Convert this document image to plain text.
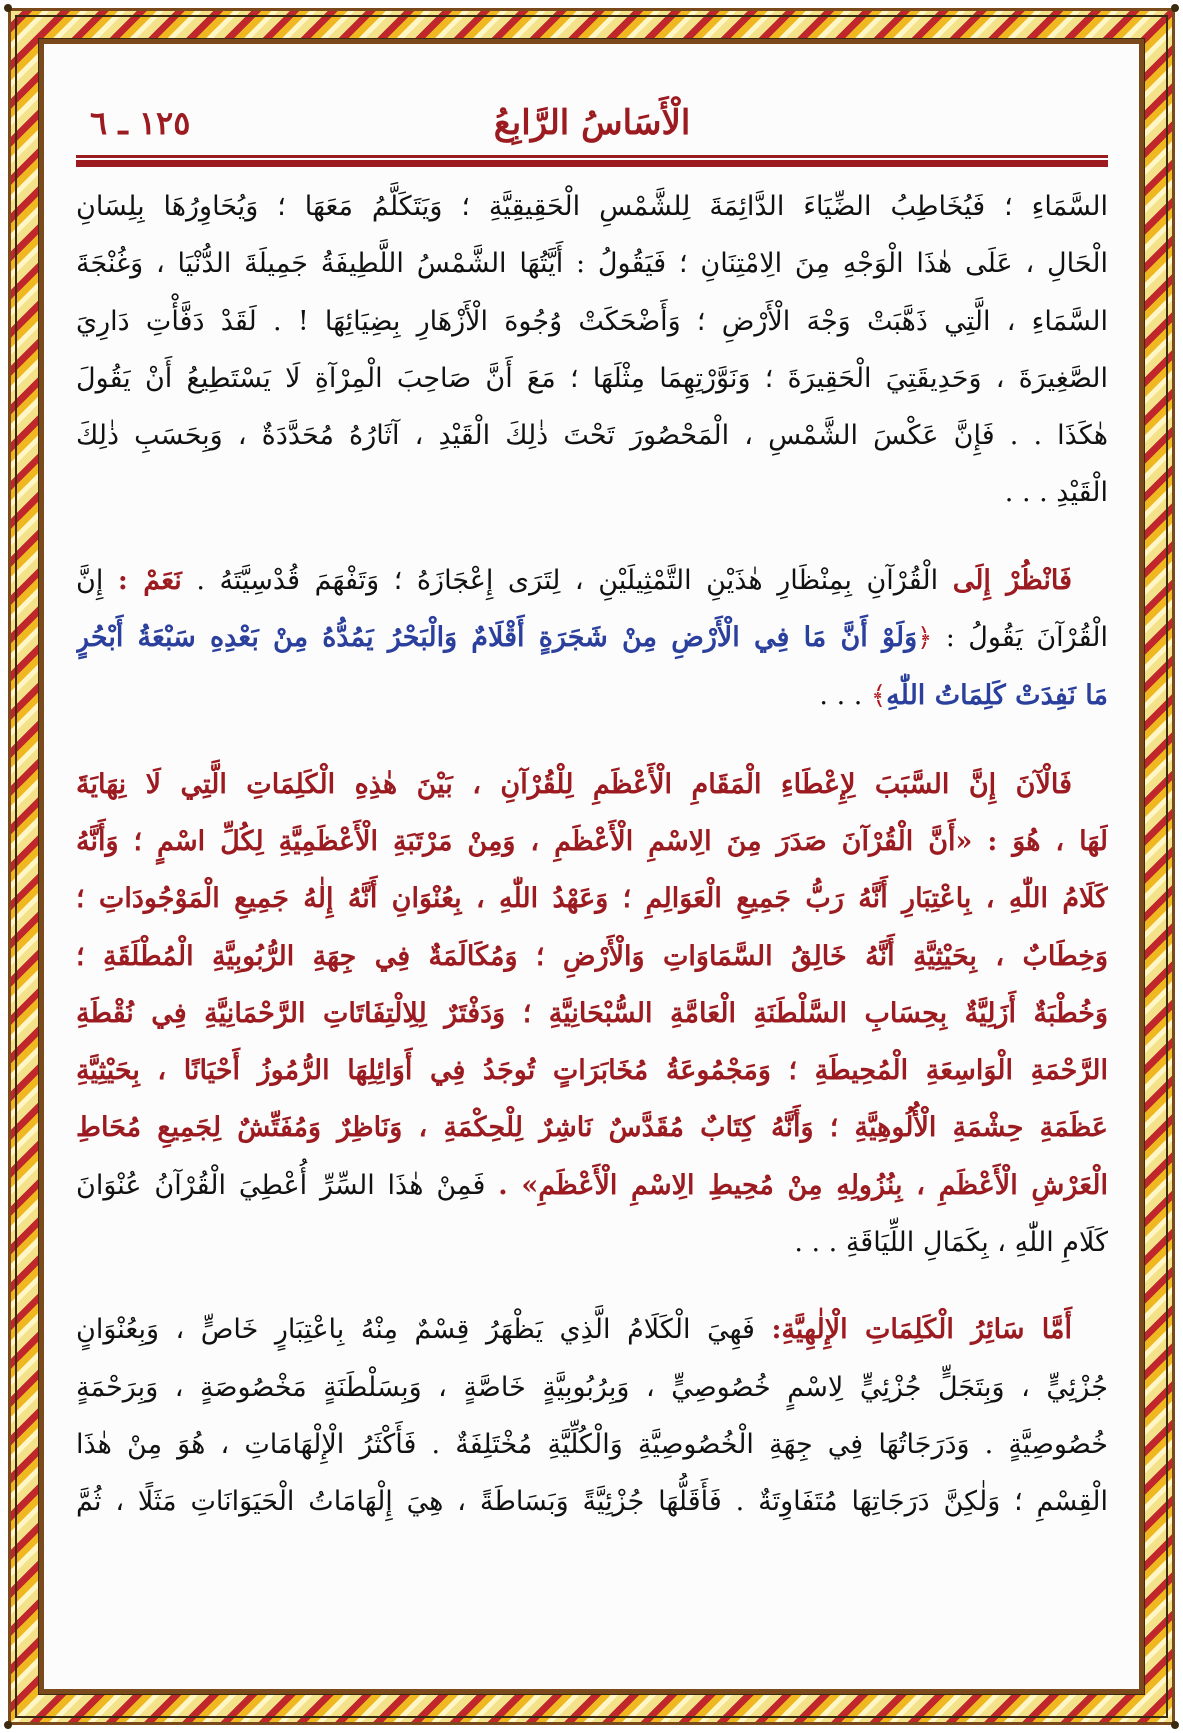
الْأَسَاسُ الرَّابِعُ
١٢٥ ـ ٦
السَّمَاءِ ؛ فَيُخَاطِبُ الضِّيَاءَ الدَّائِمَةَ لِلشَّمْسِ الْحَقِيقِيَّةِ ؛ وَيَتَكَلَّمُ مَعَهَا ؛ وَيُحَاوِرُهَا بِلِسَانِ
الْحَالِ ، عَلَى هٰذَا الْوَجْهِ مِنَ الِامْتِنَانِ ؛ فَيَقُولُ : أَيَّتُهَا الشَّمْسُ اللَّطِيفَةُ جَمِيلَةَ الدُّنْيَا ، وَغُنْجَةَ
السَّمَاءِ ، الَّتِي ذَهَّبَتْ وَجْهَ الْأَرْضِ ؛ وَأَضْحَكَتْ وُجُوهَ الْأَزْهَارِ بِضِيَائِهَا ! . لَقَدْ دَفَّأْتِ دَارِيَ
الصَّغِيرَةَ ، وَحَدِيقَتِيَ الْحَقِيرَةَ ؛ وَنَوَّرْتِهِمَا مِثْلَهَا ؛ مَعَ أَنَّ صَاحِبَ الْمِرْآةِ لَا يَسْتَطِيعُ أَنْ يَقُولَ
هٰكَذَا . . فَإِنَّ عَكْسَ الشَّمْسِ ، الْمَحْصُورَ تَحْتَ ذٰلِكَ الْقَيْدِ ، آثَارُهُ مُحَدَّدَةٌ ، وَبِحَسَبِ ذٰلِكَ
الْقَيْدِ . . .
فَانْظُرْ إِلَى الْقُرْآنِ بِمِنْظَارِ هٰذَيْنِ التَّمْثِيلَيْنِ ، لِتَرَى إِعْجَازَهُ ؛ وَتَفْهَمَ قُدْسِيَّتَهُ . نَعَمْ : إِنَّ
الْقُرْآنَ يَقُولُ : ﴿وَلَوْ أَنَّ مَا فِي الْأَرْضِ مِنْ شَجَرَةٍ أَقْلَامٌ وَالْبَحْرُ يَمُدُّهُ مِنْ بَعْدِهِ سَبْعَةُ أَبْحُرٍ
مَا نَفِدَتْ كَلِمَاتُ اللّٰهِ﴾ . . .
فَالْآنَ إِنَّ السَّبَبَ لِإِعْطَاءِ الْمَقَامِ الْأَعْظَمِ لِلْقُرْآنِ ، بَيْنَ هٰذِهِ الْكَلِمَاتِ الَّتِي لَا نِهَايَةَ
لَهَا ، هُوَ : «أَنَّ الْقُرْآنَ صَدَرَ مِنَ الِاسْمِ الْأَعْظَمِ ، وَمِنْ مَرْتَبَةِ الْأَعْظَمِيَّةِ لِكُلِّ اسْمٍ ؛ وَأَنَّهُ
كَلَامُ اللّٰهِ ، بِاعْتِبَارِ أَنَّهُ رَبُّ جَمِيعِ الْعَوَالِمِ ؛ وَعَهْدُ اللّٰهِ ، بِعُنْوَانِ أَنَّهُ إِلٰهُ جَمِيعِ الْمَوْجُودَاتِ ؛
وَخِطَابٌ ، بِحَيْثِيَّةِ أَنَّهُ خَالِقُ السَّمَاوَاتِ وَالْأَرْضِ ؛ وَمُكَالَمَةٌ فِي جِهَةِ الرُّبُوبِيَّةِ الْمُطْلَقَةِ ؛
وَخُطْبَةٌ أَزَلِيَّةٌ بِحِسَابِ السَّلْطَنَةِ الْعَامَّةِ السُّبْحَانِيَّةِ ؛ وَدَفْتَرٌ لِلِالْتِفَاتَاتِ الرَّحْمَانِيَّةِ فِي نُقْطَةِ
الرَّحْمَةِ الْوَاسِعَةِ الْمُحِيطَةِ ؛ وَمَجْمُوعَةُ مُخَابَرَاتٍ تُوجَدُ فِي أَوَائِلِهَا الرُّمُوزُ أَحْيَانًا ، بِحَيْثِيَّةِ
عَظَمَةِ حِشْمَةِ الْأُلُوهِيَّةِ ؛ وَأَنَّهُ كِتَابٌ مُقَدَّسٌ نَاشِرٌ لِلْحِكْمَةِ ، وَنَاظِرٌ وَمُفَتِّشٌ لِجَمِيعِ مُحَاطِ
الْعَرْشِ الْأَعْظَمِ ، بِنُزُولِهِ مِنْ مُحِيطِ الِاسْمِ الْأَعْظَمِ» . فَمِنْ هٰذَا السِّرِّ أُعْطِيَ الْقُرْآنُ عُنْوَانَ
كَلَامِ اللّٰهِ ، بِكَمَالِ اللِّيَاقَةِ . . .
أَمَّا سَائِرُ الْكَلِمَاتِ الْإِلٰهِيَّةِ: فَهِيَ الْكَلَامُ الَّذِي يَظْهَرُ قِسْمٌ مِنْهُ بِاعْتِبَارٍ خَاصٍّ ، وَبِعُنْوَانٍ
جُزْئِيٍّ ، وَبِتَجَلٍّ جُزْئِيٍّ لِاسْمٍ خُصُوصِيٍّ ، وَبِرُبُوبِيَّةٍ خَاصَّةٍ ، وَبِسَلْطَنَةٍ مَخْصُوصَةٍ ، وَبِرَحْمَةٍ
خُصُوصِيَّةٍ . وَدَرَجَاتُهَا فِي جِهَةِ الْخُصُوصِيَّةِ وَالْكُلِّيَّةِ مُخْتَلِفَةٌ . فَأَكْثَرُ الْإِلْهَامَاتِ ، هُوَ مِنْ هٰذَا
الْقِسْمِ ؛ وَلٰكِنَّ دَرَجَاتِهَا مُتَفَاوِتَةٌ . فَأَقَلُّهَا جُزْئِيَّةً وَبَسَاطَةً ، هِيَ إِلْهَامَاتُ الْحَيَوَانَاتِ مَثَلًا ، ثُمَّ
